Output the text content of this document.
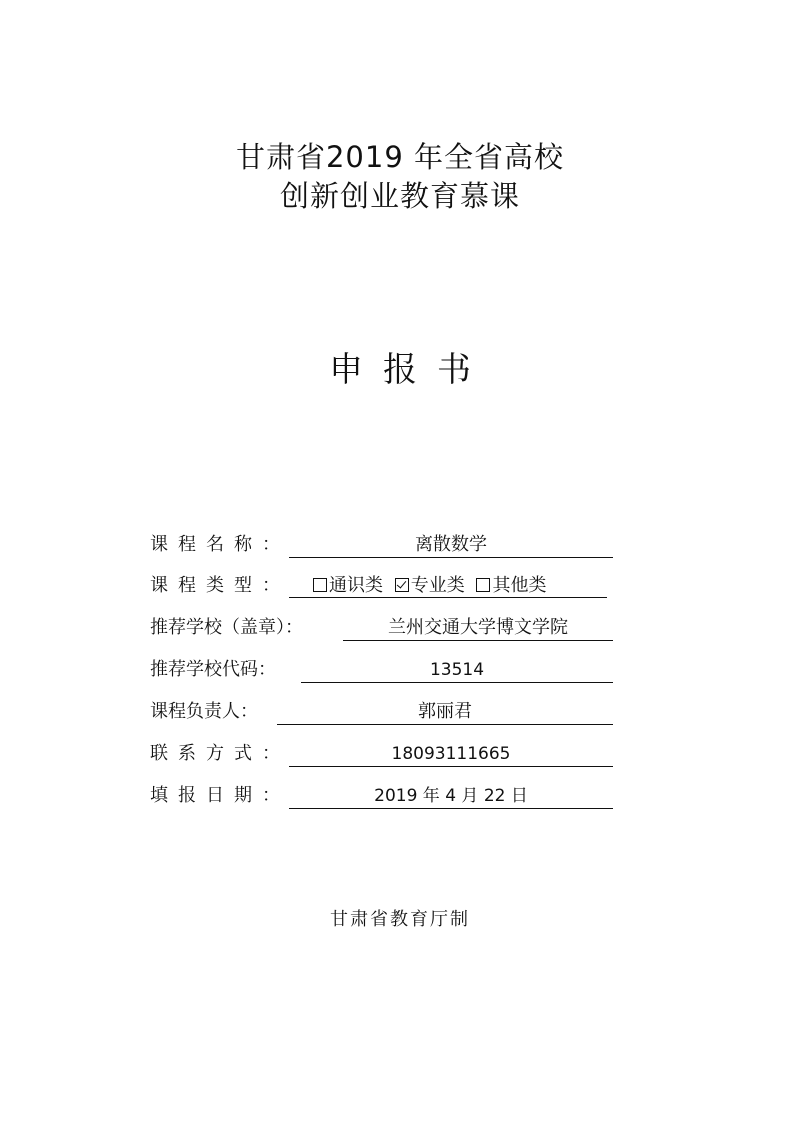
甘肃省2019 年全省高校
创新创业教育慕课
申报书
课程名称：	离散数学
课程类型：	通识类 专业类 其他类
推荐学校（盖章）：	兰州交通大学博文学院
推荐学校代码：	13514
课程负责人：	郭丽君
联系方式：	18093111665
填报日期：	2019 年 4 月 22 日
甘肃省教育厅制
